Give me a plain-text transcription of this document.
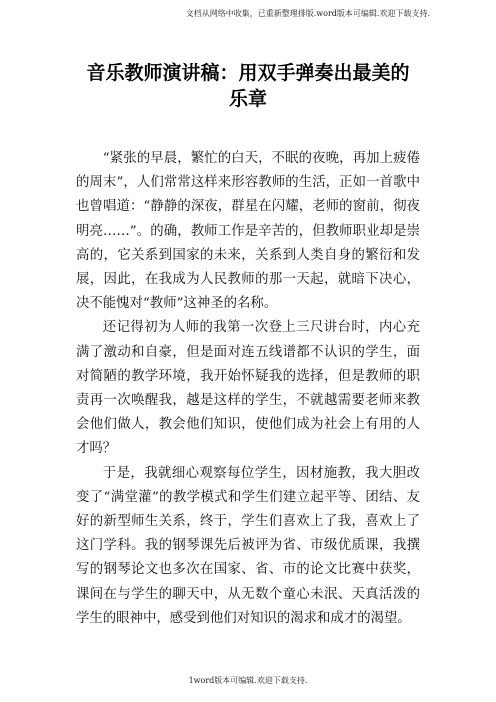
文档从网络中收集，已重新整理排版.word版本可编辑.欢迎下载支持.
音乐教师演讲稿：用双手弹奏出最美的
乐章

“紧张的早晨，繁忙的白天，不眠的夜晚，再加上疲倦的周末”，人们常常这样来形容教师的生活，正如一首歌中也曾唱道：“静静的深夜，群星在闪耀，老师的窗前，彻夜明亮……”。的确，教师工作是辛苦的，但教师职业却是崇高的，它关系到国家的未来，关系到人类自身的繁衍和发展，因此，在我成为人民教师的那一天起，就暗下决心，决不能愧对“教师”这神圣的名称。

还记得初为人师的我第一次登上三尺讲台时，内心充满了激动和自豪，但是面对连五线谱都不认识的学生，面对简陋的教学环境，我开始怀疑我的选择，但是教师的职责再一次唤醒我，越是这样的学生，不就越需要老师来教会他们做人，教会他们知识，使他们成为社会上有用的人才吗？

于是，我就细心观察每位学生，因材施教，我大胆改变了“满堂灌”的教学模式和学生们建立起平等、团结、友好的新型师生关系，终于，学生们喜欢上了我，喜欢上了这门学科。我的钢琴课先后被评为省、市级优质课，我撰写的钢琴论文也多次在国家、省、市的论文比赛中获奖，课间在与学生的聊天中，从无数个童心未泯、天真活泼的学生的眼神中，感受到他们对知识的渴求和成才的渴望。

1word版本可编辑.欢迎下载支持.
